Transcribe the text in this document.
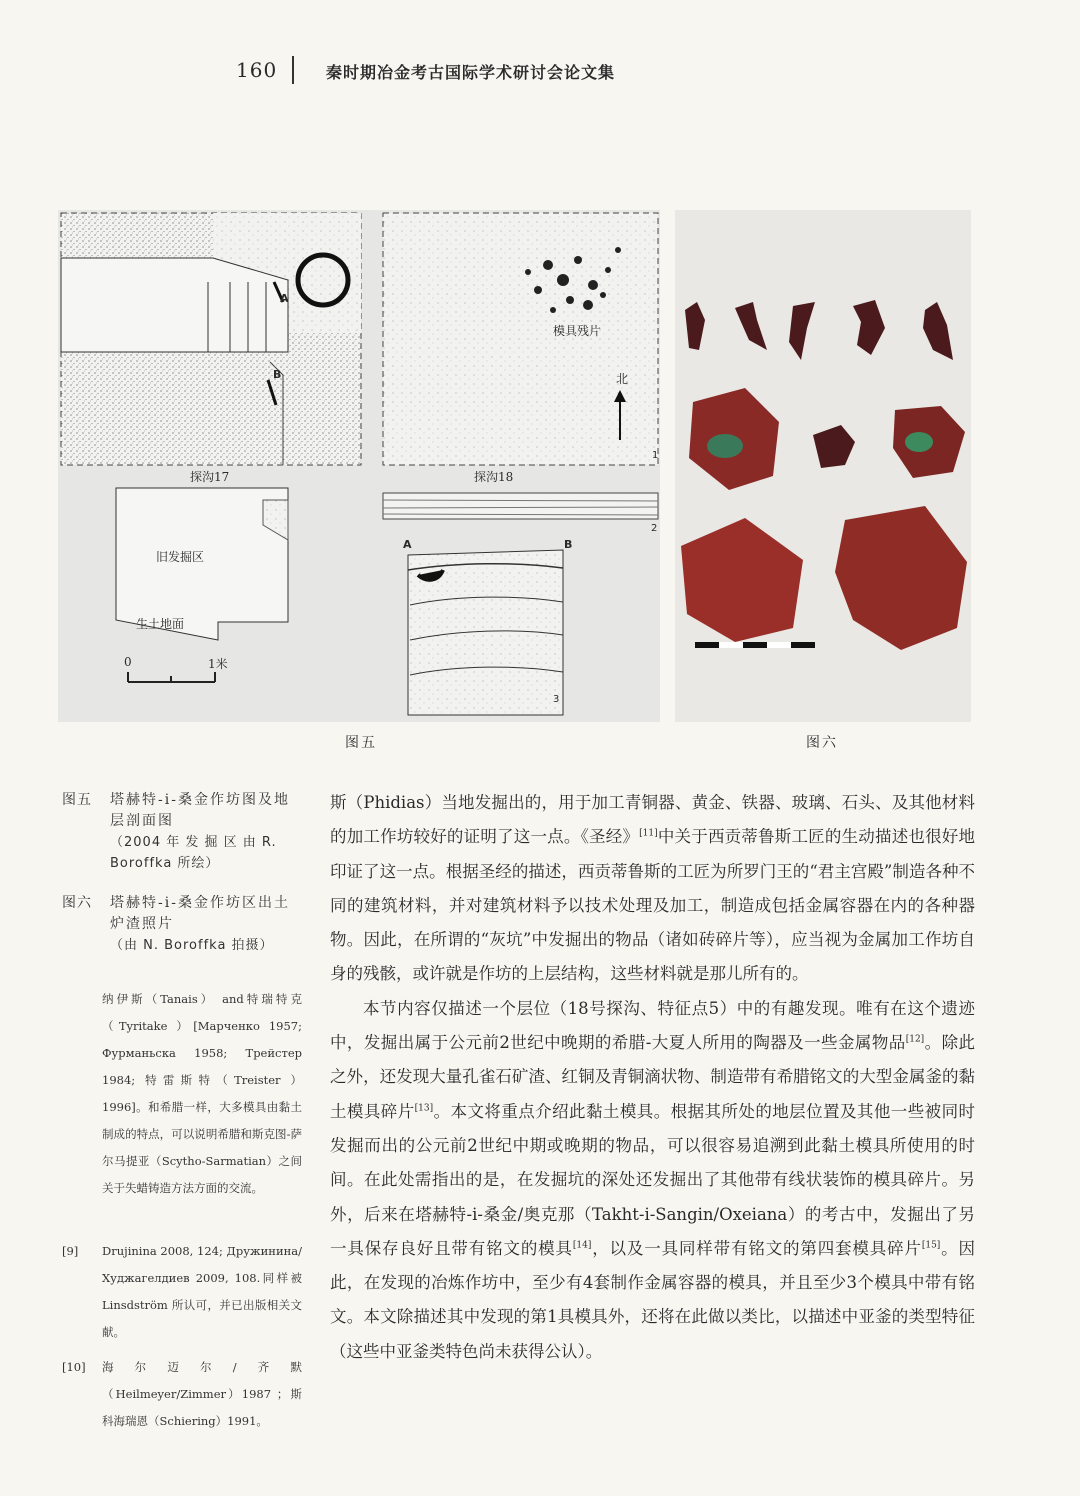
160	秦时期冶金考古国际学术研讨会论文集
A
B
探沟17	探沟18
模具残片
北
旧发掘区
生土地面
0	1米
1
2
3
A	B
图五	图六
图五	塔赫特-i-桑金作坊图及地层剖面图
（2004 年 发 掘 区 由 R. Boroffka 所绘）
图六	塔赫特-i-桑金作坊区出土炉渣照片
（由 N. Boroffka 拍摄）
纳伊斯（Tanais） and特瑞特克（Tyritake ）[Марченко 1957; Фурманьска 1958; Трейстер 1984; 特雷斯特（Treister ） 1996]。和希腊一样，大多模具由黏土制成的特点，可以说明希腊和斯克图-萨尔马提亚（Scytho-Sarmatian）之间关于失蜡铸造方法方面的交流。
[9]	Drujinina 2008, 124; Дружинина/Худжагелдиев 2009, 108.同样被Linsdström 所认可，并已出版相关文献。
[10]	海尔迈尔/齐默（Heilmeyer/Zimmer）1987 ；斯科海瑞恩（Schiering）1991。

斯（Phidias）当地发掘出的，用于加工青铜器、黄金、铁器、玻璃、石头、及其他材料的加工作坊较好的证明了这一点。《圣经》[11]中关于西贡蒂鲁斯工匠的生动描述也很好地印证了这一点。根据圣经的描述，西贡蒂鲁斯的工匠为所罗门王的“君主宫殿”制造各种不同的建筑材料，并对建筑材料予以技术处理及加工，制造成包括金属容器在内的各种器物。因此，在所谓的“灰坑”中发掘出的物品（诸如砖碎片等），应当视为金属加工作坊自身的残骸，或许就是作坊的上层结构，这些材料就是那儿所有的。

本节内容仅描述一个层位（18号探沟、特征点5）中的有趣发现。唯有在这个遗迹中，发掘出属于公元前2世纪中晚期的希腊-大夏人所用的陶器及一些金属物品[12]。除此之外，还发现大量孔雀石矿渣、红铜及青铜滴状物、制造带有希腊铭文的大型金属釜的黏土模具碎片[13]。本文将重点介绍此黏土模具。根据其所处的地层位置及其他一些被同时发掘而出的公元前2世纪中期或晚期的物品，可以很容易追溯到此黏土模具所使用的时间。在此处需指出的是，在发掘坑的深处还发掘出了其他带有线状装饰的模具碎片。另外，后来在塔赫特-i-桑金/奥克那（Takht-i-Sangin/Oxeiana）的考古中，发掘出了另一具保存良好且带有铭文的模具[14]，以及一具同样带有铭文的第四套模具碎片[15]。因此，在发现的冶炼作坊中，至少有4套制作金属容器的模具，并且至少3个模具中带有铭文。本文除描述其中发现的第1具模具外，还将在此做以类比，以描述中亚釜的类型特征（这些中亚釜类特色尚未获得公认）。
